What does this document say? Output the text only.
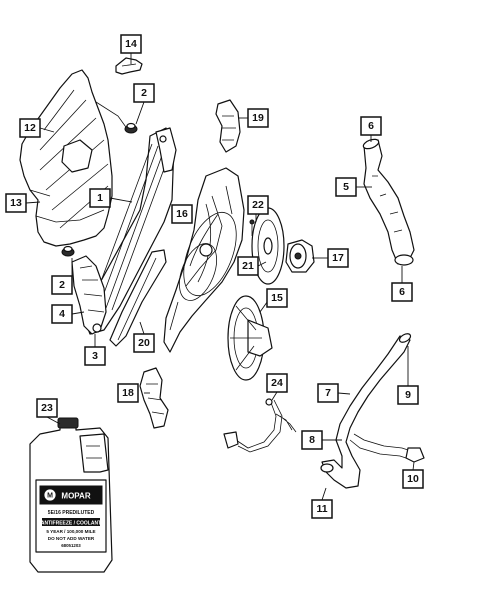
M MOPAR
5E/16 PREDILUTED
ANTIFREEZE / COOLANT
5 YEAR / 100,000 MILE
DO NOT ADD WATER
68051203
14
2
12
13	1
2
4
3
20
18
16
19
22
21
15
17
6
5
6
7	9
8
10
11
24
23
